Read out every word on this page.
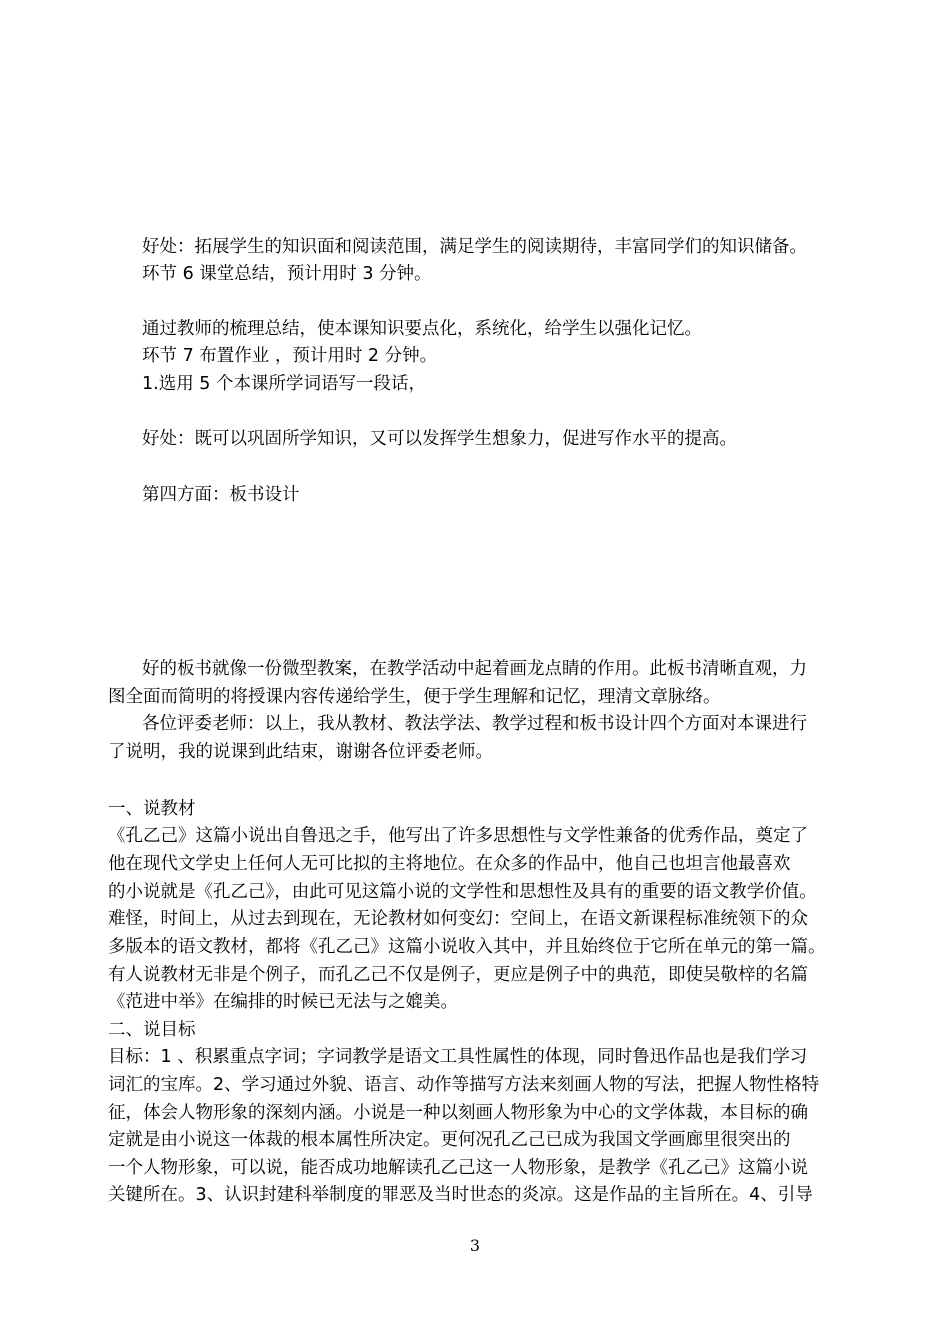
好处：拓展学生的知识面和阅读范围，满足学生的阅读期待，丰富同学们的知识储备。

环节 6 课堂总结，预计用时 3 分钟。

通过教师的梳理总结，使本课知识要点化，系统化，给学生以强化记忆。

环节 7 布置作业 ，预计用时 2 分钟。

1.选用 5 个本课所学词语写一段话，

好处：既可以巩固所学知识，又可以发挥学生想象力，促进写作水平的提高。

第四方面：板书设计

好的板书就像一份微型教案，在教学活动中起着画龙点睛的作用。此板书清晰直观，力

图全面而简明的将授课内容传递给学生，便于学生理解和记忆，理清文章脉络。

各位评委老师：以上，我从教材、教法学法、教学过程和板书设计四个方面对本课进行

了说明，我的说课到此结束，谢谢各位评委老师。

一、说教材

《孔乙己》这篇小说出自鲁迅之手，他写出了许多思想性与文学性兼备的优秀作品，奠定了

他在现代文学史上任何人无可比拟的主将地位。在众多的作品中，他自己也坦言他最喜欢

的小说就是《孔乙己》，由此可见这篇小说的文学性和思想性及具有的重要的语文教学价值。

难怪，时间上，从过去到现在，无论教材如何变幻：空间上，在语文新课程标准统领下的众

多版本的语文教材，都将《孔乙己》这篇小说收入其中，并且始终位于它所在单元的第一篇。

有人说教材无非是个例子，而孔乙己不仅是例子，更应是例子中的典范，即使吴敬梓的名篇

《范进中举》在编排的时候已无法与之媲美。

二、说目标

目标：1 、积累重点字词；字词教学是语文工具性属性的体现，同时鲁迅作品也是我们学习

词汇的宝库。2、学习通过外貌、语言、动作等描写方法来刻画人物的写法，把握人物性格特

征，体会人物形象的深刻内涵。小说是一种以刻画人物形象为中心的文学体裁，本目标的确

定就是由小说这一体裁的根本属性所决定。更何况孔乙己已成为我国文学画廊里很突出的

一个人物形象，可以说，能否成功地解读孔乙己这一人物形象，是教学《孔乙己》这篇小说

关键所在。3、认识封建科举制度的罪恶及当时世态的炎凉。这是作品的主旨所在。4、引导

3
